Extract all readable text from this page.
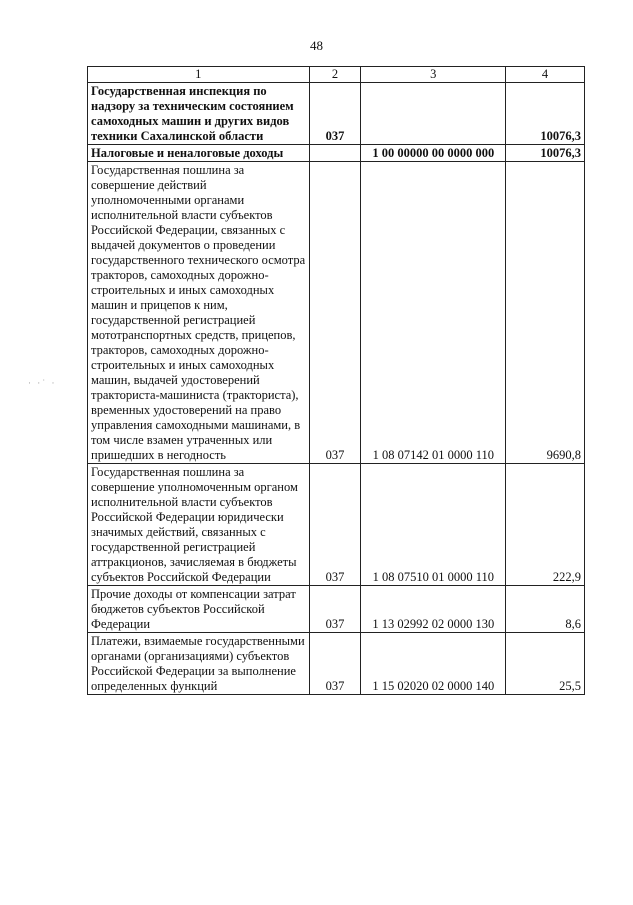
48
· ·˙ ·
1	2	3	4
Государственная инспекция по надзору за техническим состоянием самоходных машин и других видов техники Сахалинской области	037		10076,3
Налоговые и неналоговые доходы		1 00 00000 00 0000 000	10076,3
Государственная пошлина за совершение действий уполномоченными органами исполнительной власти субъектов Российской Федерации, связанных с выдачей документов о проведении государственного технического осмотра тракторов, самоходных дорожно-строительных и иных самоходных машин и прицепов к ним, государственной регистрацией мототранспортных средств, прицепов, тракторов, самоходных дорожно-строительных и иных самоходных машин, выдачей удостоверений тракториста-машиниста (тракториста), временных удостоверений на право управления самоходными машинами, в том числе взамен утраченных или пришедших в негодность	037	1 08 07142 01 0000 110	9690,8
Государственная пошлина за совершение уполномоченным органом исполнительной власти субъектов Российской Федерации юридически значимых действий, связанных с государственной регистрацией аттракционов, зачисляемая в бюджеты субъектов Российской Федерации	037	1 08 07510 01 0000 110	222,9
Прочие доходы от компенсации затрат бюджетов субъектов Российской Федерации	037	1 13 02992 02 0000 130	8,6
Платежи, взимаемые государственными органами (организациями) субъектов Российской Федерации за выполнение определенных функций	037	1 15 02020 02 0000 140	25,5
